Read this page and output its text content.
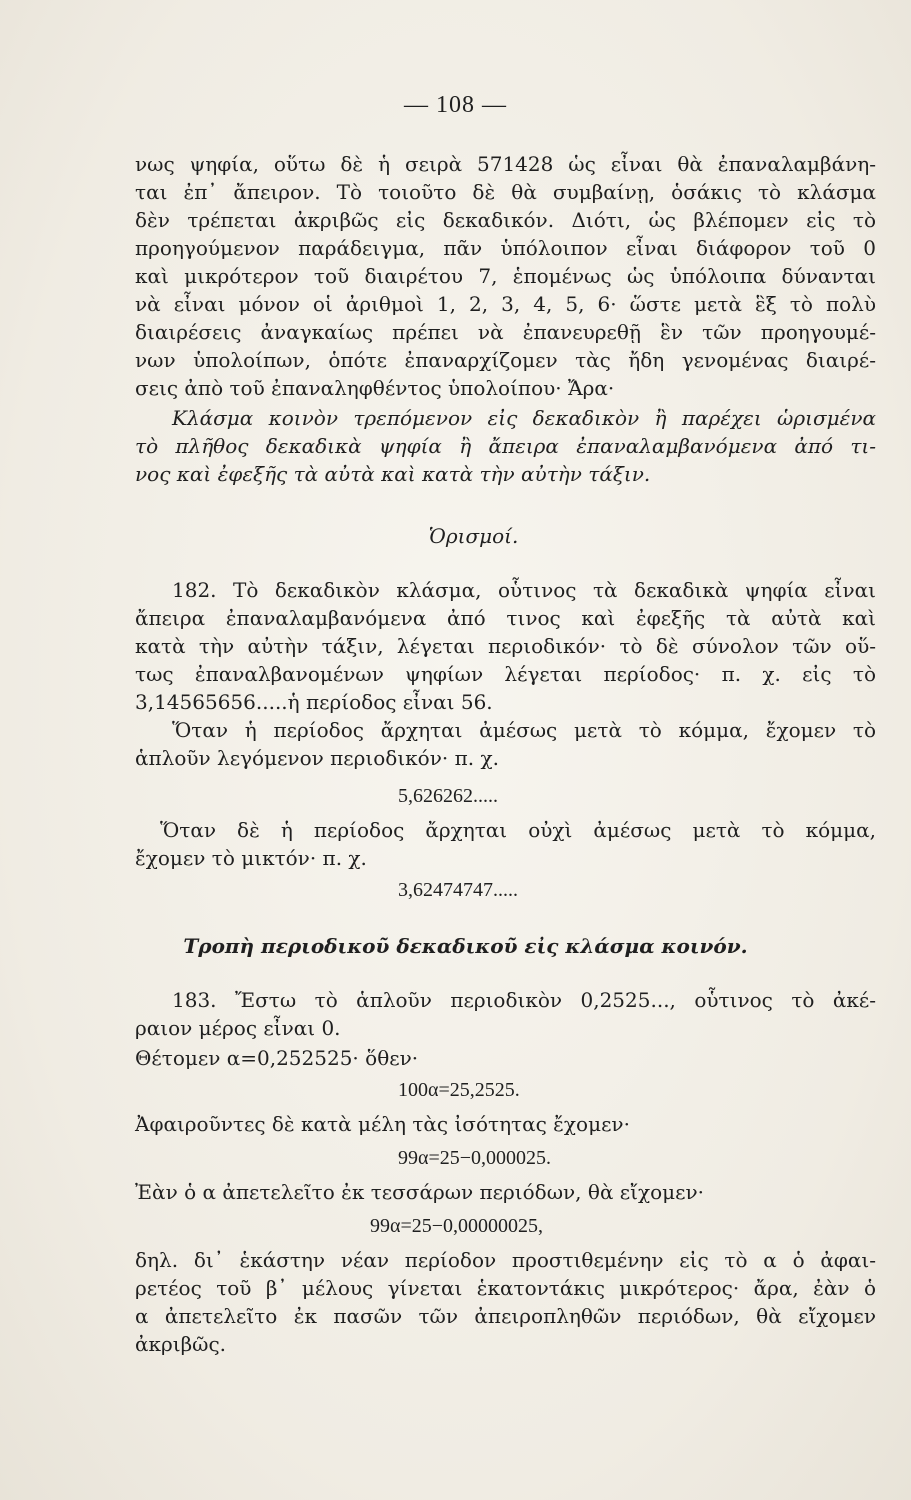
— 108 —
νως ψηφία, οὕτω δὲ ἡ σειρὰ 571428 ὡς εἶναι θὰ ἐπαναλαμβάνη-
ται ἐπ᾽ ἄπειρον. Τὸ τοιοῦτο δὲ θὰ συμβαίνῃ, ὁσάκις τὸ κλάσμα
δὲν τρέπεται ἀκριβῶς εἰς δεκαδικόν. Διότι, ὡς βλέπομεν εἰς τὸ
προηγούμενον παράδειγμα, πᾶν ὑπόλοιπον εἶναι διάφορον τοῦ 0
καὶ μικρότερον τοῦ διαιρέτου 7, ἑπομένως ὡς ὑπόλοιπα δύνανται
νὰ εἶναι μόνον οἱ ἀριθμοὶ 1, 2, 3, 4, 5, 6· ὥστε μετὰ ἓξ τὸ πολὺ
διαιρέσεις ἀναγκαίως πρέπει νὰ ἐπανευρεθῇ ἓν τῶν προηγουμέ-
νων ὑπολοίπων, ὁπότε ἐπαναρχίζομεν τὰς ἤδη γενομένας διαιρέ-
σεις ἀπὸ τοῦ ἐπαναληφθέντος ὑπολοίπου· Ἄρα·
Κλάσμα κοινὸν τρεπόμενον εἰς δεκαδικὸν ἢ παρέχει ὡρισμένα
τὸ πλῆθος δεκαδικὰ ψηφία ἢ ἄπειρα ἐπαναλαμβανόμενα ἀπό τι-
νος καὶ ἐφεξῆς τὰ αὐτὰ καὶ κατὰ τὴν αὐτὴν τάξιν.
Ὁρισμοί.
182. Τὸ δεκαδικὸν κλάσμα, οὗτινος τὰ δεκαδικὰ ψηφία εἶναι
ἄπειρα ἐπαναλαμβανόμενα ἀπό τινος καὶ ἐφεξῆς τὰ αὐτὰ καὶ
κατὰ τὴν αὐτὴν τάξιν, λέγεται περιοδικόν· τὸ δὲ σύνολον τῶν οὕ-
τως ἐπαναλβανομένων ψηφίων λέγεται περίοδος· π. χ. εἰς τὸ
3,14565656.....ἡ περίοδος εἶναι 56.
Ὅταν ἡ περίοδος ἄρχηται ἀμέσως μετὰ τὸ κόμμα, ἔχομεν τὸ
ἁπλοῦν λεγόμενον περιοδικόν· π. χ.
5,626262.....
Ὅταν δὲ ἡ περίοδος ἄρχηται οὐχὶ ἀμέσως μετὰ τὸ κόμμα,
ἔχομεν τὸ μικτόν· π. χ.
3,62474747.....
Τροπὴ περιοδικοῦ δεκαδικοῦ εἰς κλάσμα κοινόν.
183. Ἔστω τὸ ἁπλοῦν περιοδικὸν 0,2525..., οὗτινος τὸ ἀκέ-
ραιον μέρος εἶναι 0.
Θέτομεν α=0,252525· ὅθεν·
100α=25,2525.
Ἀφαιροῦντες δὲ κατὰ μέλη τὰς ἰσότητας ἔχομεν·
99α=25−0,000025.
Ἐὰν ὁ α ἀπετελεῖτο ἐκ τεσσάρων περιόδων, θὰ εἴχομεν·
99α=25−0,00000025,
δηλ. δι᾽ ἑκάστην νέαν περίοδον προστιθεμένην εἰς τὸ α ὁ ἀφαι-
ρετέος τοῦ β᾽ μέλους γίνεται ἑκατοντάκις μικρότερος· ἄρα, ἐὰν ὁ
α ἀπετελεῖτο ἐκ πασῶν τῶν ἀπειροπληθῶν περιόδων, θὰ εἴχομεν
ἀκριβῶς.
